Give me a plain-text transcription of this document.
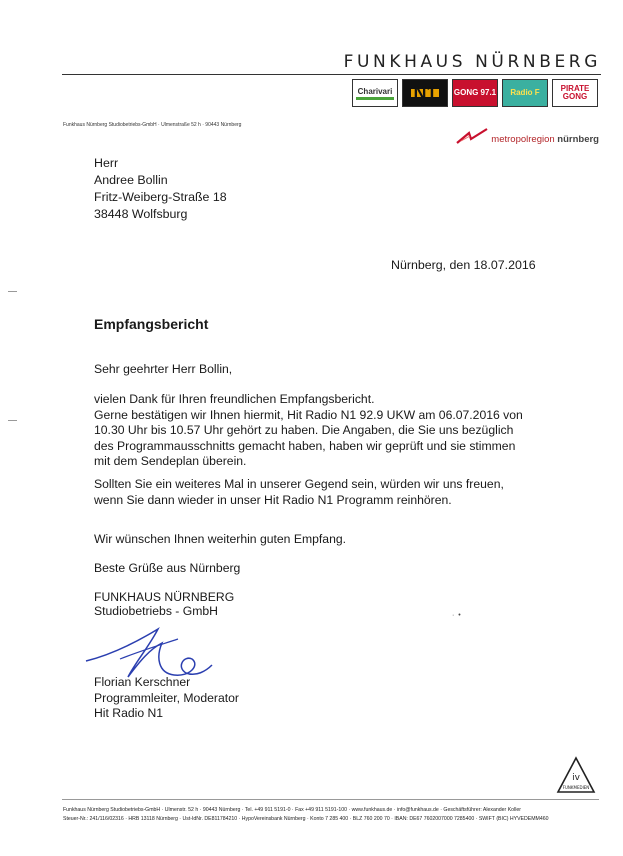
FUNKHAUS NÜRNBERG
Charivari N1 GONG 97.1 Radio F	PIRATE GONG
Funkhaus Nürnberg Studiobetriebs-GmbH · Ulmenstraße 52 h · 90443 Nürnberg
metropolregion nürnberg
Herr
Andree Bollin
Fritz-Weiberg-Straße 18
38448 Wolfsburg
Nürnberg, den 18.07.2016
Empfangsbericht
Sehr geehrter Herr Bollin,
vielen Dank für Ihren freundlichen Empfangsbericht.
Gerne bestätigen wir Ihnen hiermit, Hit Radio N1 92.9 UKW am 06.07.2016 von
10.30 Uhr bis 10.57 Uhr gehört zu haben. Die Angaben, die Sie uns bezüglich
des Programmausschnitts gemacht haben, haben wir geprüft und sie stimmen
mit dem Sendeplan überein.
Sollten Sie ein weiteres Mal in unserer Gegend sein, würden wir uns freuen,
wenn Sie dann wieder in unser Hit Radio N1 Programm reinhören.
Wir wünschen Ihnen weiterhin guten Empfang.
Beste Grüße aus Nürnberg
FUNKHAUS NÜRNBERG
Studiobetriebs - GmbH
Florian Kerschner
Programmleiter, Moderator
Hit Radio N1
·  •
iv
FUNKMEDIEN
Funkhaus Nürnberg Studiobetriebs-GmbH · Ulmenstr. 52 h · 90443 Nürnberg · Tel. +49 911 5191-0 · Fax +49 911 5191-100 · www.funkhaus.de · info@funkhaus.de · Geschäftsführer: Alexander Koller
Steuer-Nr.: 241/116/02316 · HRB 13118 Nürnberg · Ust-IdNr. DE811784210 · HypoVereinsbank Nürnberg · Konto 7 285 400 · BLZ 760 200 70 · IBAN: DE67 7602007000 7285400 · SWIFT (BIC) HYVEDEMM460
